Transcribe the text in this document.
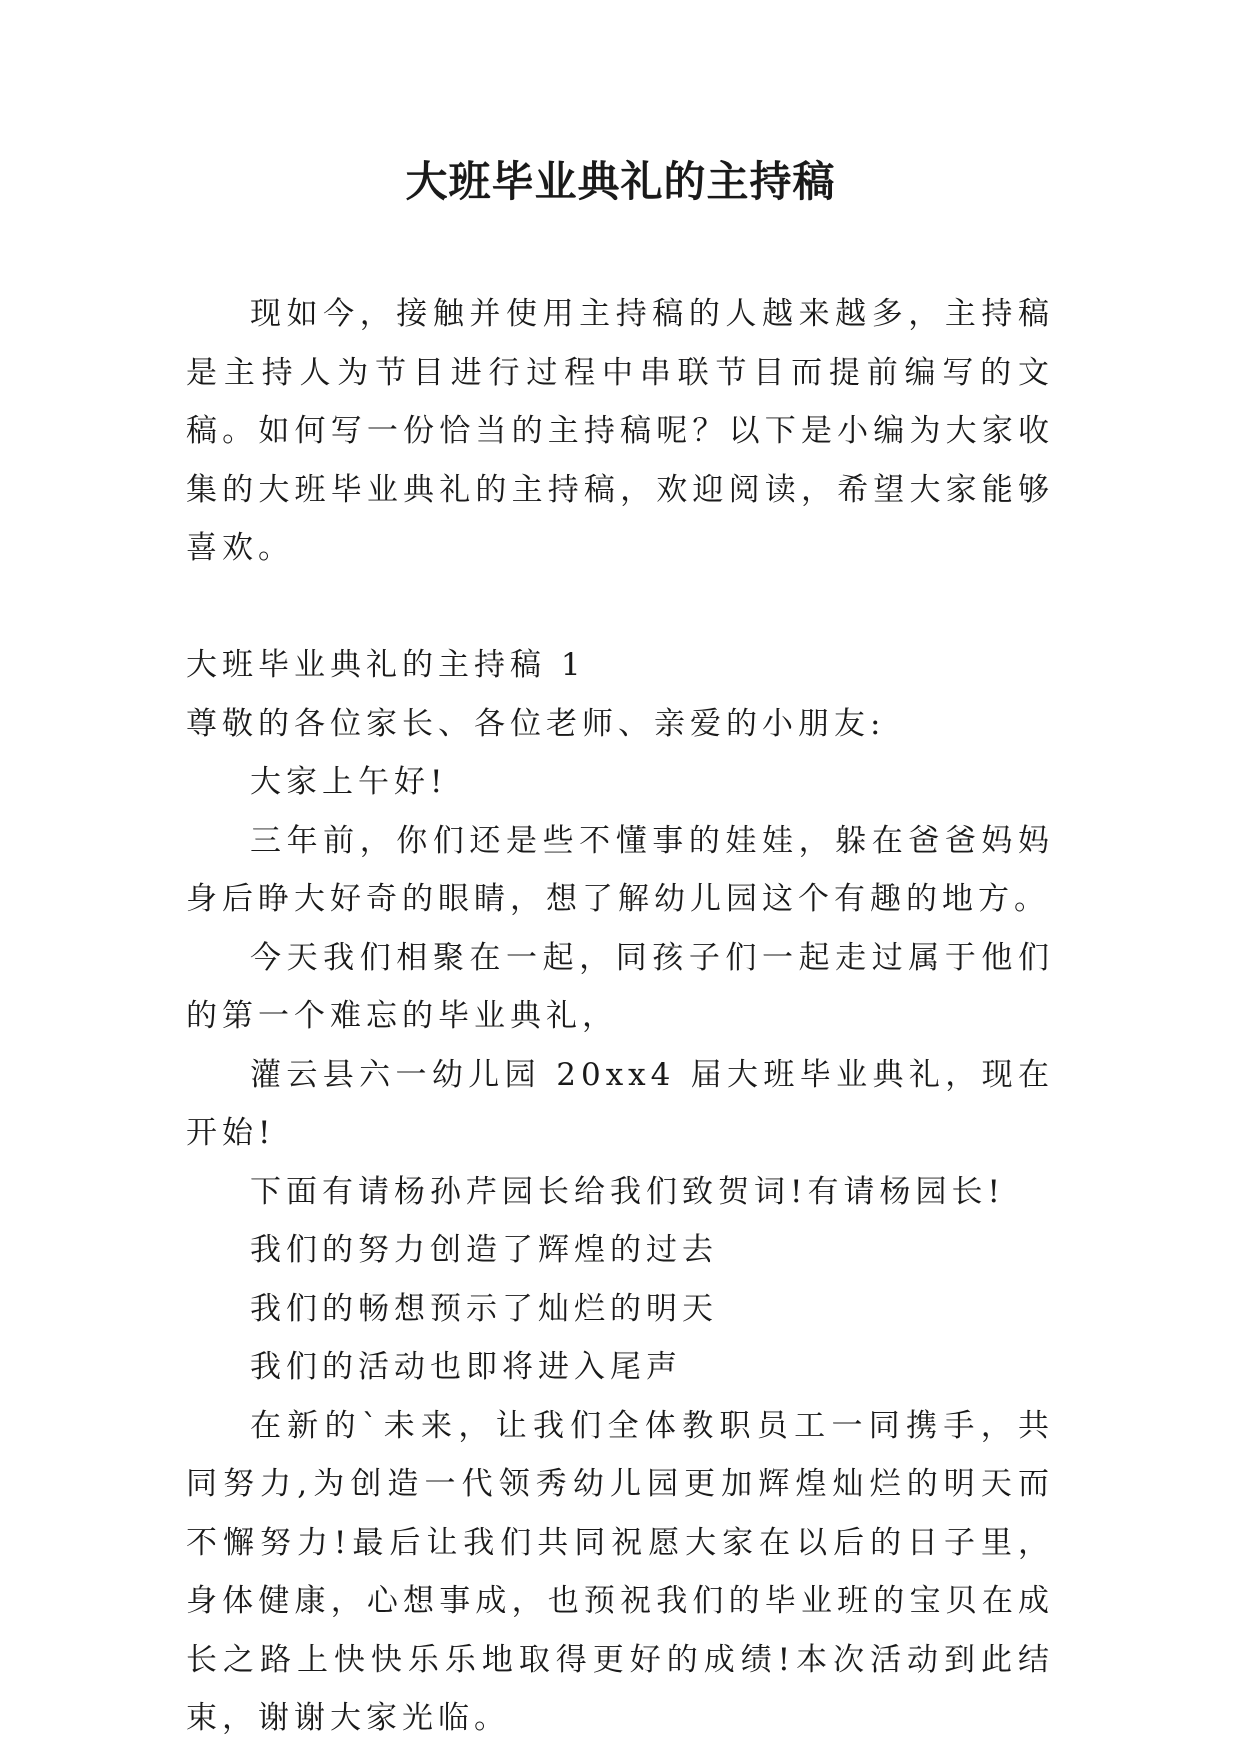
大班毕业典礼的主持稿

现如今，接触并使用主持稿的人越来越多，主持稿是主持人为节目进行过程中串联节目而提前编写的文稿。如何写一份恰当的主持稿呢？以下是小编为大家收集的大班毕业典礼的主持稿，欢迎阅读，希望大家能够喜欢。

大班毕业典礼的主持稿 1

尊敬的各位家长、各位老师、亲爱的小朋友:

大家上午好!

三年前，你们还是些不懂事的娃娃，躲在爸爸妈妈身后睁大好奇的眼睛，想了解幼儿园这个有趣的地方。

今天我们相聚在一起，同孩子们一起走过属于他们的第一个难忘的毕业典礼，

灌云县六一幼儿园 20xx4 届大班毕业典礼，现在开始!

下面有请杨孙芹园长给我们致贺词!有请杨园长!

我们的努力创造了辉煌的过去

我们的畅想预示了灿烂的明天

我们的活动也即将进入尾声

在新的`未来，让我们全体教职员工一同携手，共同努力,为创造一代领秀幼儿园更加辉煌灿烂的明天而不懈努力!最后让我们共同祝愿大家在以后的日子里，身体健康，心想事成，也预祝我们的毕业班的宝贝在成长之路上快快乐乐地取得更好的成绩!本次活动到此结束，谢谢大家光临。
